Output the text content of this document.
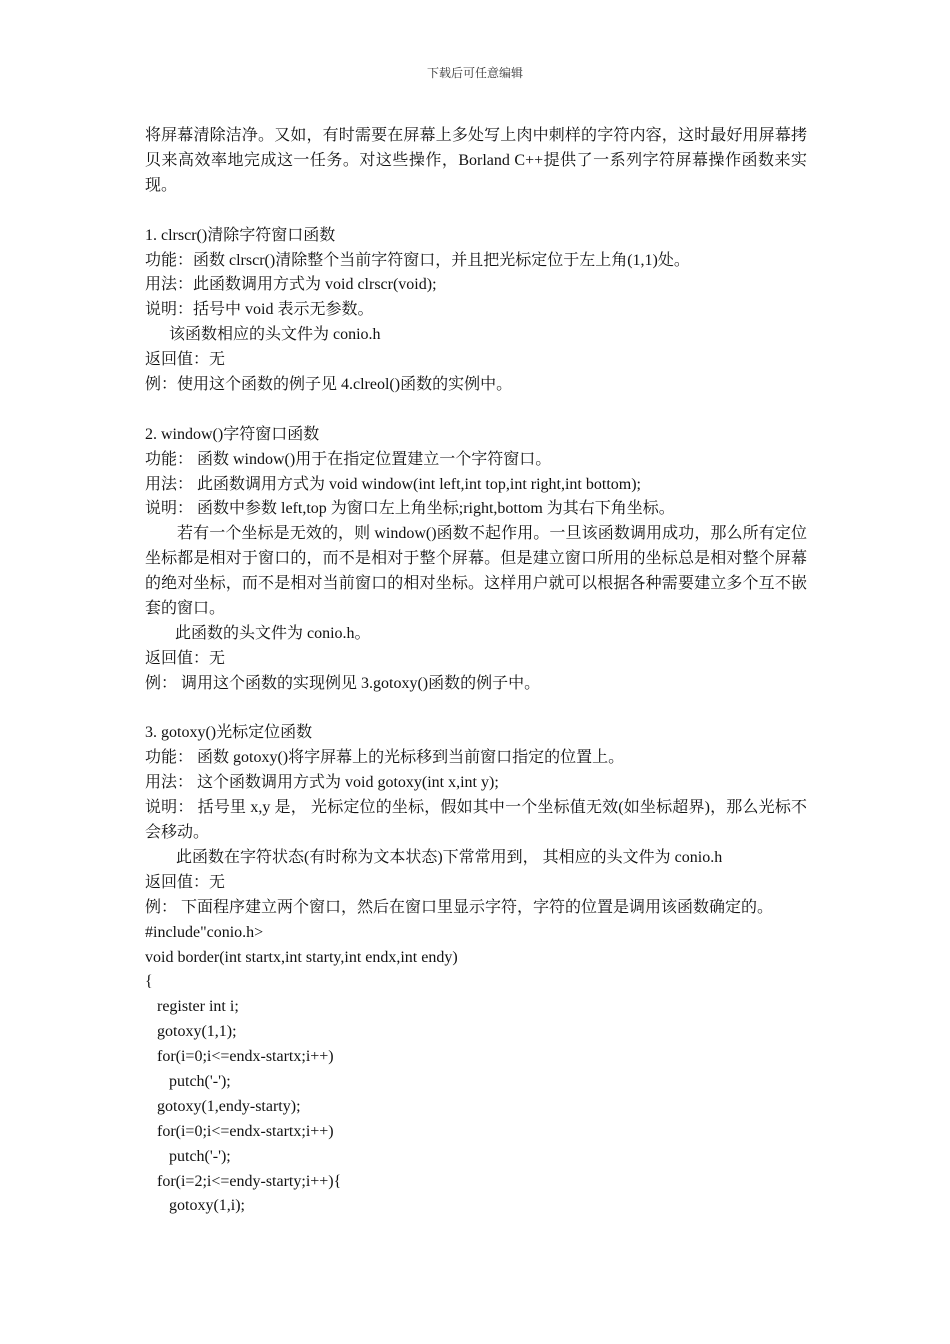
下载后可任意编辑
将屏幕清除洁净。又如，有时需要在屏幕上多处写上肉中刺样的字符内容，这时最好用屏幕拷贝来高效率地完成这一任务。对这些操作，Borland C++提供了一系列字符屏幕操作函数来实现。
1. clrscr()清除字符窗口函数
功能：函数 clrscr()清除整个当前字符窗口，并且把光标定位于左上角(1,1)处。
用法：此函数调用方式为 void clrscr(void);
说明：括号中 void 表示无参数。
该函数相应的头文件为 conio.h
返回值：无
例：使用这个函数的例子见 4.clreol()函数的实例中。
2. window()字符窗口函数
功能： 函数 window()用于在指定位置建立一个字符窗口。
用法： 此函数调用方式为 void window(int left,int top,int right,int bottom);
说明： 函数中参数 left,top 为窗口左上角坐标;right,bottom 为其右下角坐标。
若有一个坐标是无效的，则 window()函数不起作用。一旦该函数调用成功，那么所有定位坐标都是相对于窗口的，而不是相对于整个屏幕。但是建立窗口所用的坐标总是相对整个屏幕的绝对坐标，而不是相对当前窗口的相对坐标。这样用户就可以根据各种需要建立多个互不嵌套的窗口。
此函数的头文件为 conio.h。
返回值：无
例： 调用这个函数的实现例见 3.gotoxy()函数的例子中。
3. gotoxy()光标定位函数
功能： 函数 gotoxy()将字屏幕上的光标移到当前窗口指定的位置上。
用法： 这个函数调用方式为 void gotoxy(int x,int y);
说明： 括号里 x,y 是， 光标定位的坐标，假如其中一个坐标值无效(如坐标超界)，那么光标不会移动。
此函数在字符状态(有时称为文本状态)下常常用到， 其相应的头文件为 conio.h
返回值：无
例： 下面程序建立两个窗口，然后在窗口里显示字符，字符的位置是调用该函数确定的。
#include"conio.h>
void border(int startx,int starty,int endx,int endy)
{
register int i;
gotoxy(1,1);
for(i=0;i<=endx-startx;i++)
putch('-');
gotoxy(1,endy-starty);
for(i=0;i<=endx-startx;i++)
putch('-');
for(i=2;i<=endy-starty;i++){
gotoxy(1,i);
